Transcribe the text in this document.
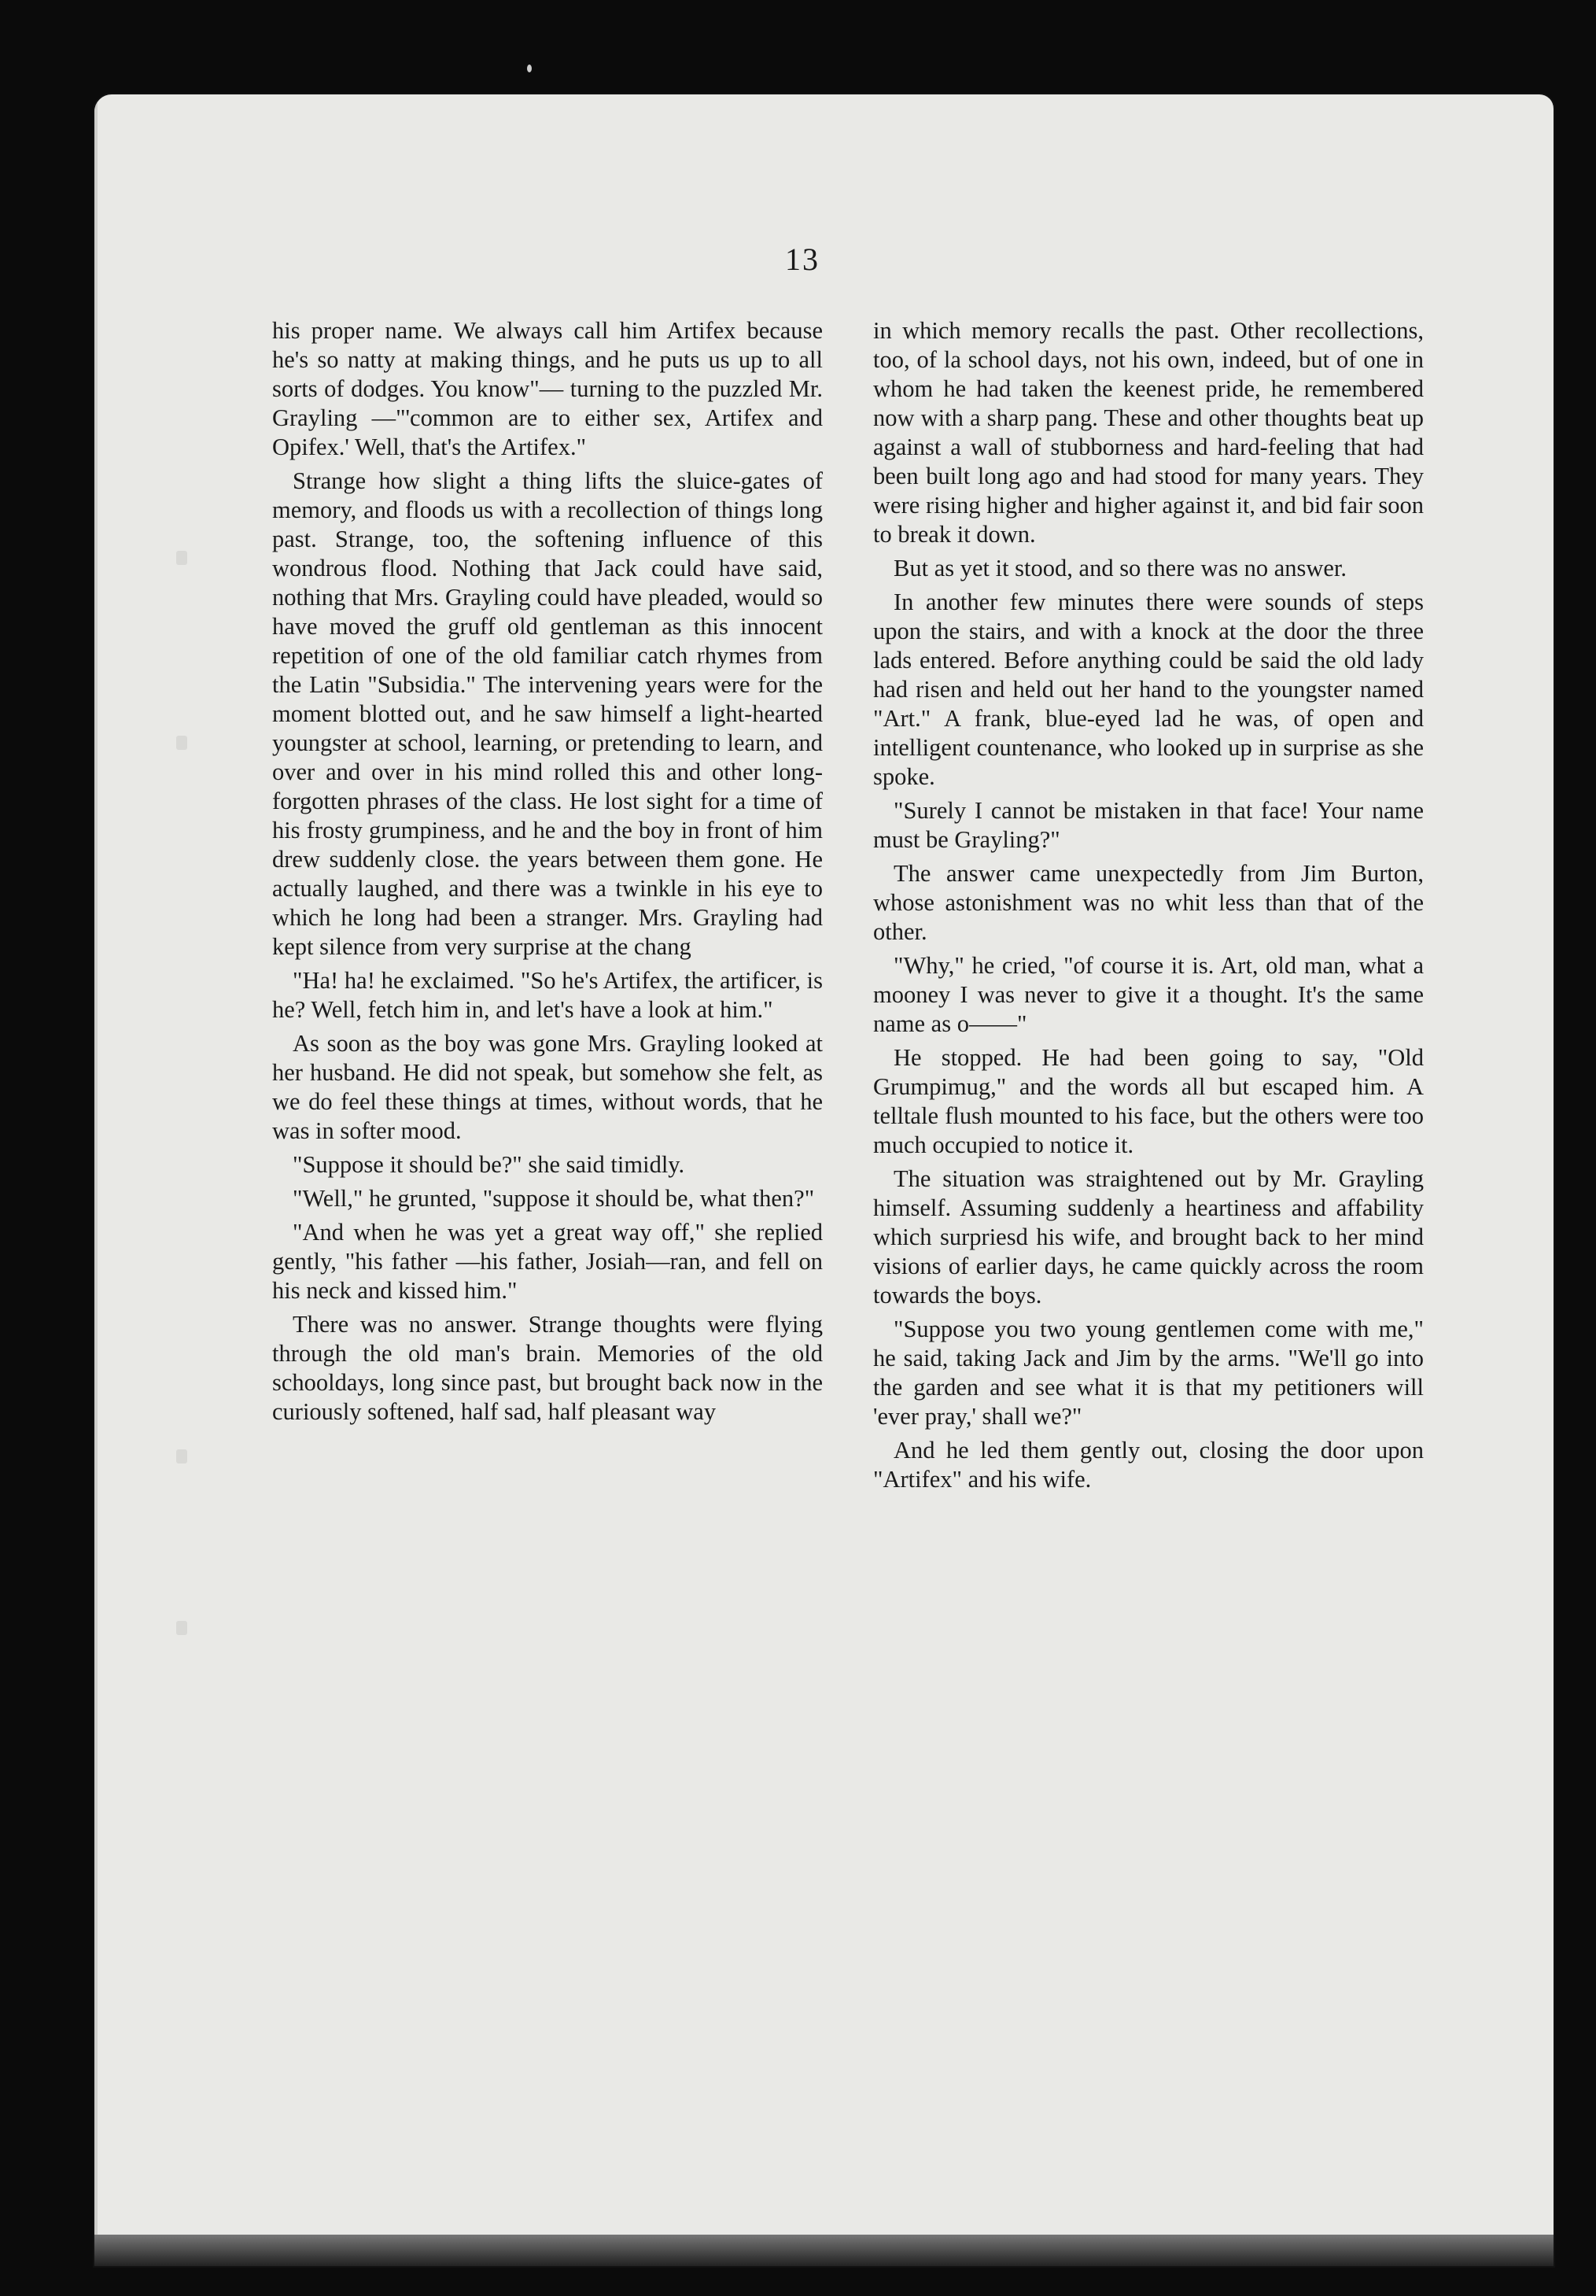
13

his proper name. We always call him Artifex because he's so natty at making things, and he puts us up to all sorts of dodges. You know"— turning to the puzzled Mr. Grayling —"'common are to either sex, Artifex and Opifex.' Well, that's the Artifex."

Strange how slight a thing lifts the sluice-gates of memory, and floods us with a recollection of things long past. Strange, too, the softening influence of this wondrous flood. Nothing that Jack could have said, nothing that Mrs. Grayling could have pleaded, would so have moved the gruff old gentleman as this innocent repetition of one of the old familiar catch rhymes from the Latin "Subsidia." The intervening years were for the moment blotted out, and he saw himself a light-hearted youngster at school, learning, or pretending to learn, and over and over in his mind rolled this and other long-forgotten phrases of the class. He lost sight for a time of his frosty grumpiness, and he and the boy in front of him drew suddenly close. the years between them gone. He actually laughed, and there was a twinkle in his eye to which he long had been a stranger. Mrs. Grayling had kept silence from very surprise at the chang

"Ha! ha! he exclaimed. "So he's Artifex, the artificer, is he? Well, fetch him in, and let's have a look at him."

As soon as the boy was gone Mrs. Grayling looked at her husband. He did not speak, but somehow she felt, as we do feel these things at times, without words, that he was in softer mood.

"Suppose it should be?" she said timidly.

"Well," he grunted, "suppose it should be, what then?"

"And when he was yet a great way off," she replied gently, "his father —his father, Josiah—ran, and fell on his neck and kissed him."

There was no answer. Strange thoughts were flying through the old man's brain. Memories of the old schooldays, long since past, but brought back now in the curiously softened, half sad, half pleasant way

in which memory recalls the past. Other recollections, too, of la school days, not his own, indeed, but of one in whom he had taken the keenest pride, he remembered now with a sharp pang. These and other thoughts beat up against a wall of stubborness and hard-feeling that had been built long ago and had stood for many years. They were rising higher and higher against it, and bid fair soon to break it down.

But as yet it stood, and so there was no answer.

In another few minutes there were sounds of steps upon the stairs, and with a knock at the door the three lads entered. Before anything could be said the old lady had risen and held out her hand to the youngster named "Art." A frank, blue-eyed lad he was, of open and intelligent countenance, who looked up in surprise as she spoke.

"Surely I cannot be mistaken in that face! Your name must be Grayling?"

The answer came unexpectedly from Jim Burton, whose astonishment was no whit less than that of the other.

"Why," he cried, "of course it is. Art, old man, what a mooney I was never to give it a thought. It's the same name as o——"

He stopped. He had been going to say, "Old Grumpimug," and the words all but escaped him. A telltale flush mounted to his face, but the others were too much occupied to notice it.

The situation was straightened out by Mr. Grayling himself. Assuming suddenly a heartiness and affability which surpriesd his wife, and brought back to her mind visions of earlier days, he came quickly across the room towards the boys.

"Suppose you two young gentlemen come with me," he said, taking Jack and Jim by the arms. "We'll go into the garden and see what it is that my petitioners will 'ever pray,' shall we?"

And he led them gently out, closing the door upon "Artifex" and his wife.
